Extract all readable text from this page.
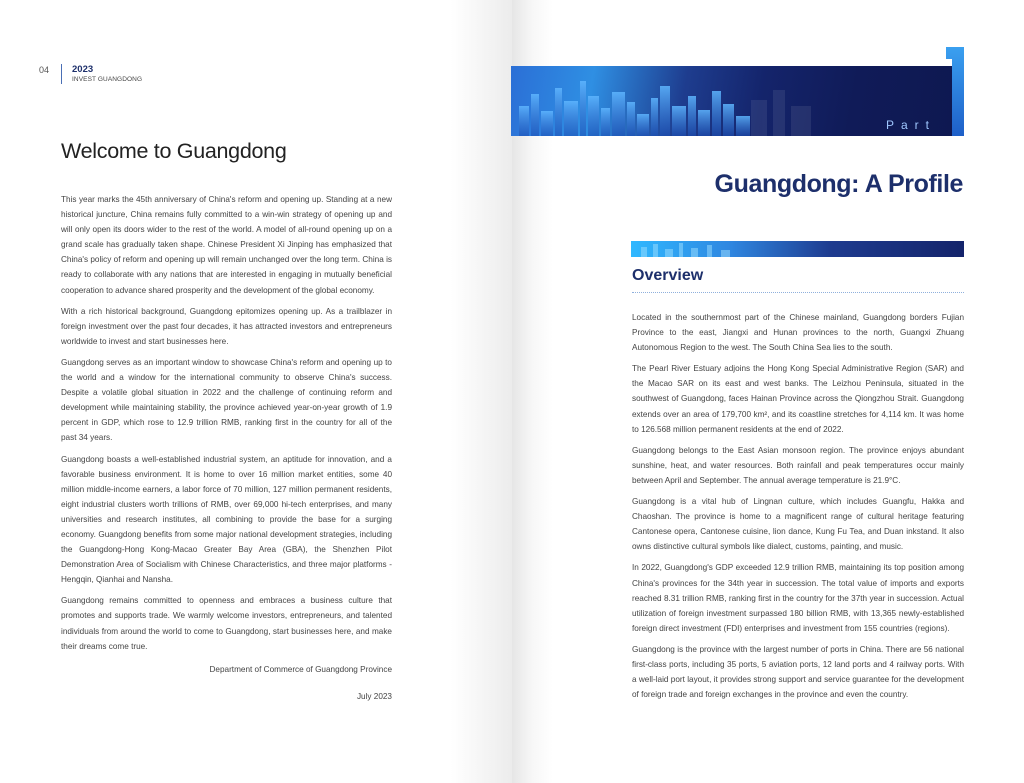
04 2023
INVEST GUANGDONG
Welcome to Guangdong

This year marks the 45th anniversary of China's reform and opening up. Standing at a new historical juncture, China remains fully committed to a win-win strategy of opening up and will only open its doors wider to the rest of the world. A model of all-round opening up on a grand scale has gradually taken shape. Chinese President Xi Jinping has emphasized that China's policy of reform and opening up will remain unchanged over the long term. China is ready to collaborate with any nations that are interested in engaging in mutually beneficial cooperation to advance shared prosperity and the development of the global economy.

With a rich historical background, Guangdong epitomizes opening up. As a trailblazer in foreign investment over the past four decades, it has attracted investors and entrepreneurs worldwide to invest and start businesses here.

Guangdong serves as an important window to showcase China's reform and opening up to the world and a window for the international community to observe China's success. Despite a volatile global situation in 2022 and the challenge of continuing reform and development while maintaining stability, the province achieved year-on-year growth of 1.9 percent in GDP, which rose to 12.9 trillion RMB, ranking first in the country for all of the past 34 years.

Guangdong boasts a well-established industrial system, an aptitude for innovation, and a favorable business environment. It is home to over 16 million market entities, some 40 million middle-income earners, a labor force of 70 million, 127 million permanent residents, eight industrial clusters worth trillions of RMB, over 69,000 hi-tech enterprises, and many universities and research institutes, all combining to provide the base for a surging economy. Guangdong benefits from some major national development strategies, including the Guangdong-Hong Kong-Macao Greater Bay Area (GBA), the Shenzhen Pilot Demonstration Area of Socialism with Chinese Characteristics, and three major platforms - Hengqin, Qianhai and Nansha.

Guangdong remains committed to openness and embraces a business culture that promotes and supports trade. We warmly welcome investors, entrepreneurs, and talented individuals from around the world to come to Guangdong, start businesses here, and make their dreams come true.

Department of Commerce of Guangdong Province

July 2023

Part
Guangdong: A Profile
Overview

Located in the southernmost part of the Chinese mainland, Guangdong borders Fujian Province to the east, Jiangxi and Hunan provinces to the north, Guangxi Zhuang Autonomous Region to the west. The South China Sea lies to the south.

The Pearl River Estuary adjoins the Hong Kong Special Administrative Region (SAR) and the Macao SAR on its east and west banks. The Leizhou Peninsula, situated in the southwest of Guangdong, faces Hainan Province across the Qiongzhou Strait. Guangdong extends over an area of 179,700 km², and its coastline stretches for 4,114 km. It was home to 126.568 million permanent residents at the end of 2022.

Guangdong belongs to the East Asian monsoon region. The province enjoys abundant sunshine, heat, and water resources. Both rainfall and peak temperatures occur mainly between April and September. The annual average temperature is 21.9°C.

Guangdong is a vital hub of Lingnan culture, which includes Guangfu, Hakka and Chaoshan. The province is home to a magnificent range of cultural heritage featuring Cantonese opera, Cantonese cuisine, lion dance, Kung Fu Tea, and Duan inkstand. It also owns distinctive cultural symbols like dialect, customs, painting, and music.

In 2022, Guangdong's GDP exceeded 12.9 trillion RMB, maintaining its top position among China's provinces for the 34th year in succession. The total value of imports and exports reached 8.31 trillion RMB, ranking first in the country for the 37th year in succession. Actual utilization of foreign investment surpassed 180 billion RMB, with 13,365 newly-established foreign direct investment (FDI) enterprises and investment from 155 countries (regions).

Guangdong is the province with the largest number of ports in China. There are 56 national first-class ports, including 35 ports, 5 aviation ports, 12 land ports and 4 railway ports. With a well-laid port layout, it provides strong support and service guarantee for the development of foreign trade and foreign exchanges in the province and even the country.
